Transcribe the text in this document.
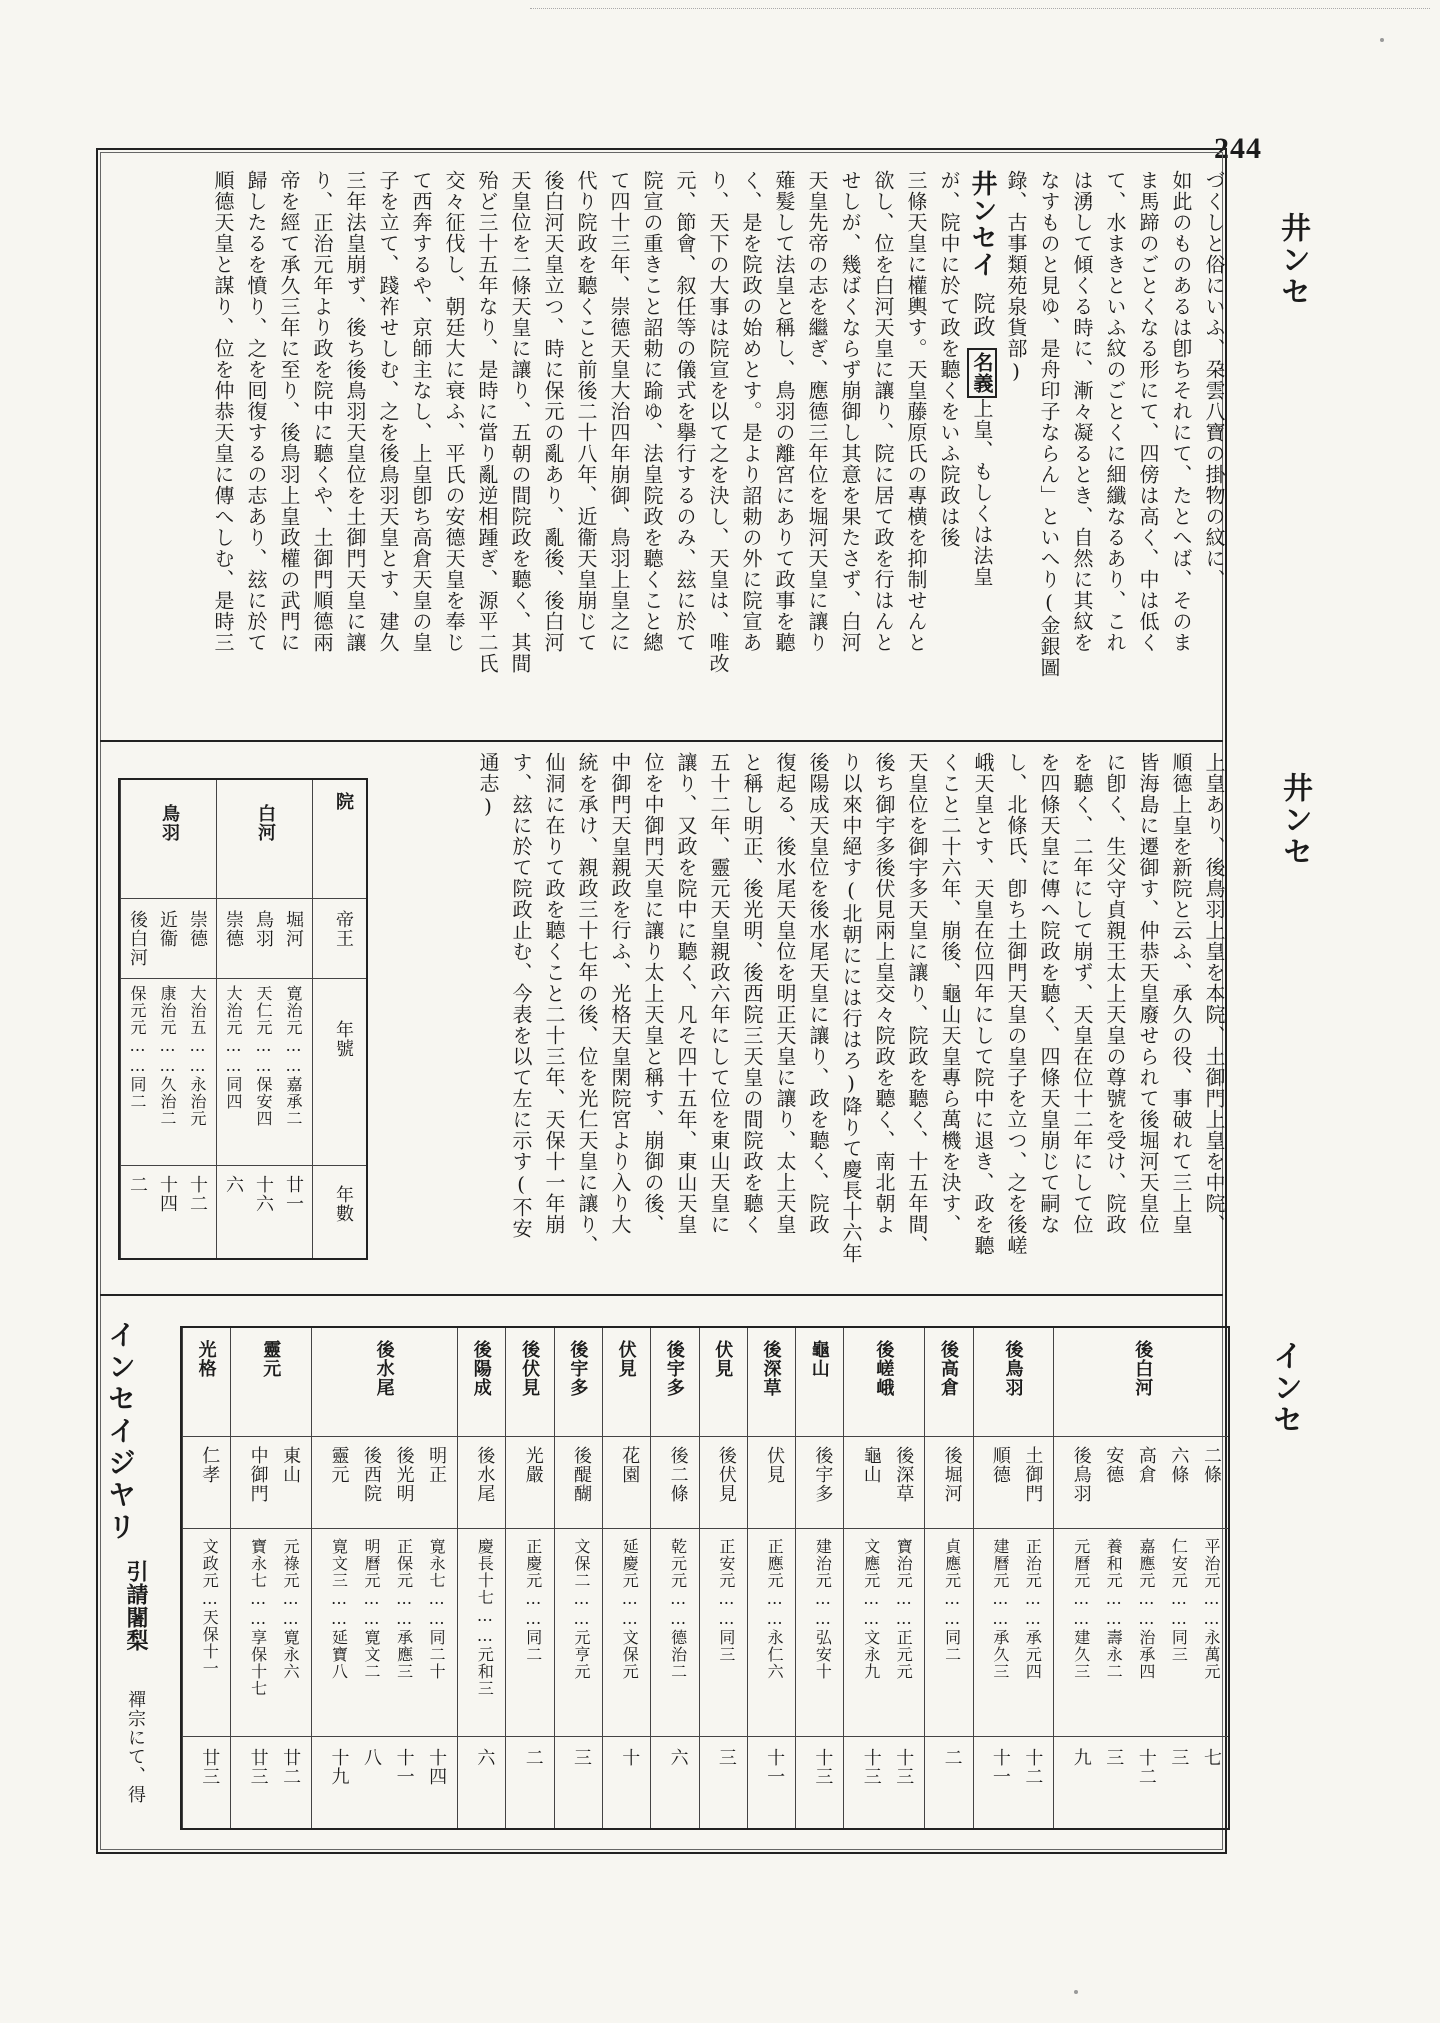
244
井ンセ
井ンセ
インセ
づくしと俗にいふ、朶雲八寶の掛物の紋に、
如此のものあるは卽ちそれにて、たとへば、そのま
ま馬蹄のごとくなる形にて、四傍は高く、中は低く
て、水まきといふ紋のごとくに細纖なるあり、これ
は湧して傾くる時に、漸々凝るとき、自然に其紋を
なすものと見ゆ、是舟印子ならん」といへり(金銀圖
錄、古事類苑泉貨部)
井ンセイ院政名義上皇、もしくは法皇
が、院中に於て政を聽くをいふ院政は後
三條天皇に權輿す。天皇藤原氏の專横を抑制せんと
欲し、位を白河天皇に讓り、院に居て政を行はんと
せしが、幾ばくならず崩御し其意を果たさず、白河
天皇先帝の志を繼ぎ、應德三年位を堀河天皇に讓り
薙髮して法皇と稱し、鳥羽の離宮にありて政事を聽
く、是を院政の始めとす。是より詔勅の外に院宣あ
り、天下の大事は院宣を以て之を決し、天皇は、唯改
元、節會、叙任等の儀式を擧行するのみ、玆に於て
院宣の重きこと詔勅に踰ゆ、法皇院政を聽くこと總
て四十三年、崇德天皇大治四年崩御、鳥羽上皇之に
代り院政を聽くこと前後二十八年、近衞天皇崩じて
後白河天皇立つ、時に保元の亂あり、亂後、後白河
天皇位を二條天皇に讓り、五朝の間院政を聽く、其間
殆ど三十五年なり、是時に當り亂逆相踵ぎ、源平二氏
交々征伐し、朝廷大に衰ふ、平氏の安德天皇を奉じ
て西奔するや、京師主なし、上皇卽ち高倉天皇の皇
子を立て、踐祚せしむ、之を後鳥羽天皇とす、建久
三年法皇崩ず、後ち後鳥羽天皇位を土御門天皇に讓
り、正治元年より政を院中に聽くや、土御門順德兩
帝を經て承久三年に至り、後鳥羽上皇政權の武門に
歸したるを憤り、之を囘復するの志あり、玆に於て
順德天皇と謀り、位を仲恭天皇に傳へしむ、是時三
上皇あり、後鳥羽上皇を本院、土御門上皇を中院、
順德上皇を新院と云ふ、承久の役、事破れて三上皇
皆海島に遷御す、仲恭天皇廢せられて後堀河天皇位
に卽く、生父守貞親王太上天皇の尊號を受け、院政
を聽く、二年にして崩ず、天皇在位十二年にして位
を四條天皇に傳へ院政を聽く、四條天皇崩じて嗣な
し、北條氏、卽ち土御門天皇の皇子を立つ、之を後嵯
峨天皇とす、天皇在位四年にして院中に退き、政を聽
くこと二十六年、崩後、龜山天皇專ら萬機を決す、
天皇位を御宇多天皇に讓り、院政を聽く、十五年間、
後ち御宇多後伏見兩上皇交々院政を聽く、南北朝よ
り以來中絕す(北朝にには行はろ)降りて慶長十六年
後陽成天皇位を後水尾天皇に讓り、政を聽く、院政
復起る、後水尾天皇位を明正天皇に讓り、太上天皇
と稱し明正、後光明、後西院三天皇の間院政を聽く
五十二年、靈元天皇親政六年にして位を東山天皇に
讓り、又政を院中に聽く、凡そ四十五年、東山天皇
位を中御門天皇に讓り太上天皇と稱す、崩御の後、
中御門天皇親政を行ふ、光格天皇閑院宮より入り大
統を承け、親政三十七年の後、位を光仁天皇に讓り、
仙洞に在りて政を聽くこと二十三年、天保十一年崩
す、玆に於て院政止む、今表を以て左に示す(不安
通志)
院
帝王
年號
年數
白河
堀河
鳥羽
崇德
寛治元……嘉承二
天仁元……保安四
大治元……同四
廿一
十六
六
鳥羽
崇德
近衞
後白河
大治五……永治元
康治元……久治二
保元元……同二
十二
十四
二
後白河
二條
六條
高倉
安德
後鳥羽
平治元……永萬元
仁安元……同三
嘉應元……治承四
養和元……壽永二
元曆元……建久三
七
三
十二
三
九
後鳥羽
土御門
順德
正治元……承元四
建曆元……承久三
十二
十一
後高倉
後堀河
貞應元……同二
二
後嵯峨
後深草
龜山
寶治元……正元元
文應元……文永九
十三
十三
龜山
後宇多
建治元……弘安十
十三
後深草
伏見
正應元……永仁六
十一
伏見
後伏見
正安元……同三
三
後宇多
後二條
乾元元……德治二
六
伏見
花園
延慶元……文保元
十
後宇多
後醍醐
文保二……元亨元
三
後伏見
光嚴
正慶元……同二
二
後陽成
後水尾
慶長十七……元和三
六
後水尾
明正
後光明
後西院
靈元
寛永七……同二十
正保元……承應三
明曆元……寛文二
寛文三……延寶八
十四
十一
八
十九
靈元
東山
中御門
元祿元……寛永六
寶永七……享保十七
廿二
廿三
光格
仁孝
文政元…天保十一
廿三
インセイジヤリ
引請闍梨
禪宗にて、得
